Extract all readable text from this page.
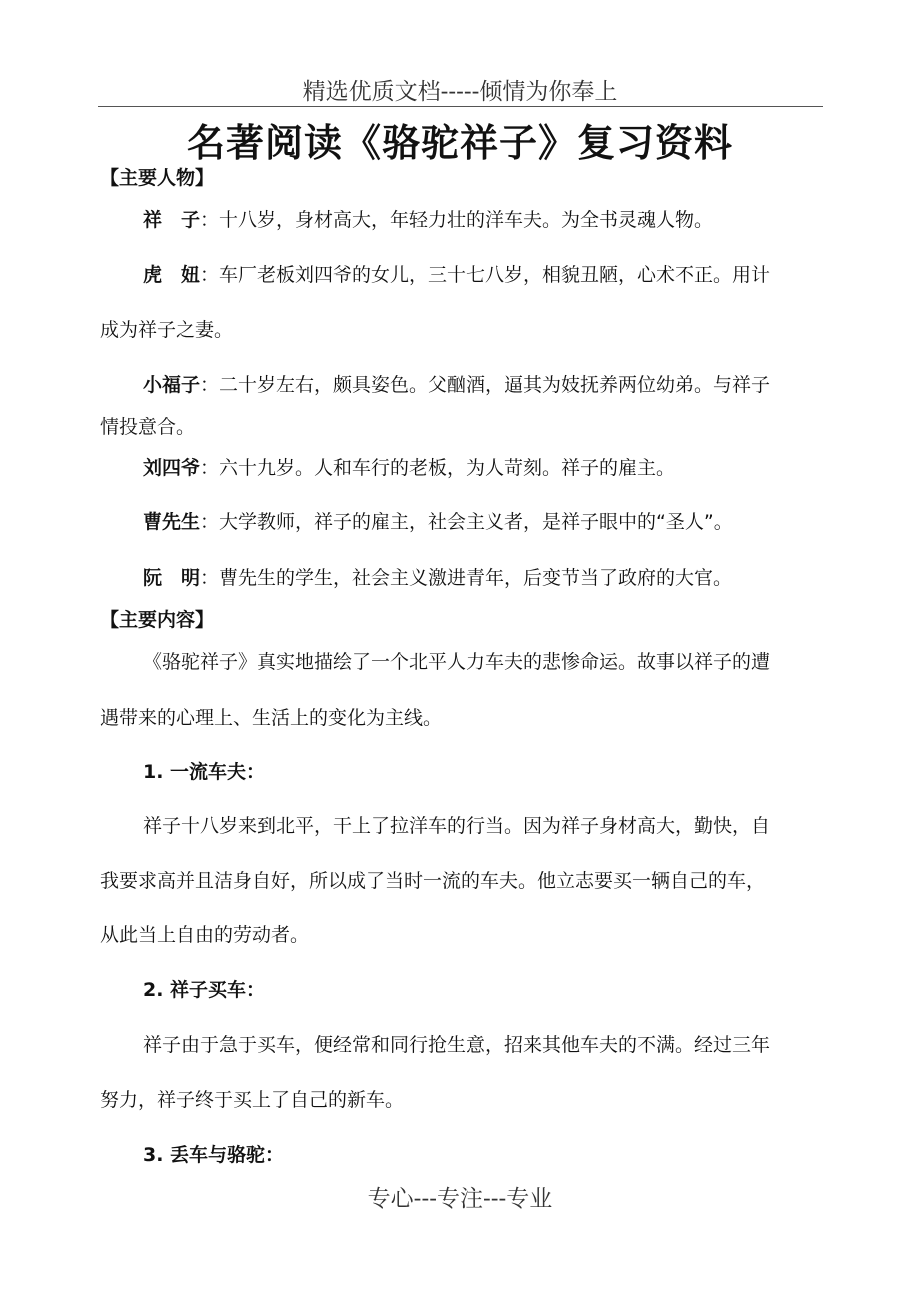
精选优质文档-----倾情为你奉上
名著阅读《骆驼祥子》复习资料
【主要人物】
祥　子：十八岁，身材高大，年轻力壮的洋车夫。为全书灵魂人物。
虎　妞：车厂老板刘四爷的女儿，三十七八岁，相貌丑陋，心术不正。用计
成为祥子之妻。
小福子：二十岁左右，颇具姿色。父酗酒，逼其为妓抚养两位幼弟。与祥子
情投意合。
刘四爷：六十九岁。人和车行的老板，为人苛刻。祥子的雇主。
曹先生：大学教师，祥子的雇主，社会主义者，是祥子眼中的“圣人”。
阮　明：曹先生的学生，社会主义激进青年，后变节当了政府的大官。
【主要内容】
《骆驼祥子》真实地描绘了一个北平人力车夫的悲惨命运。故事以祥子的遭
遇带来的心理上、生活上的变化为主线。
1. 一流车夫：
祥子十八岁来到北平，干上了拉洋车的行当。因为祥子身材高大，勤快，自
我要求高并且洁身自好，所以成了当时一流的车夫。他立志要买一辆自己的车，
从此当上自由的劳动者。
2. 祥子买车：
祥子由于急于买车，便经常和同行抢生意，招来其他车夫的不满。经过三年
努力，祥子终于买上了自己的新车。
3. 丢车与骆驼：
专心---专注---专业
